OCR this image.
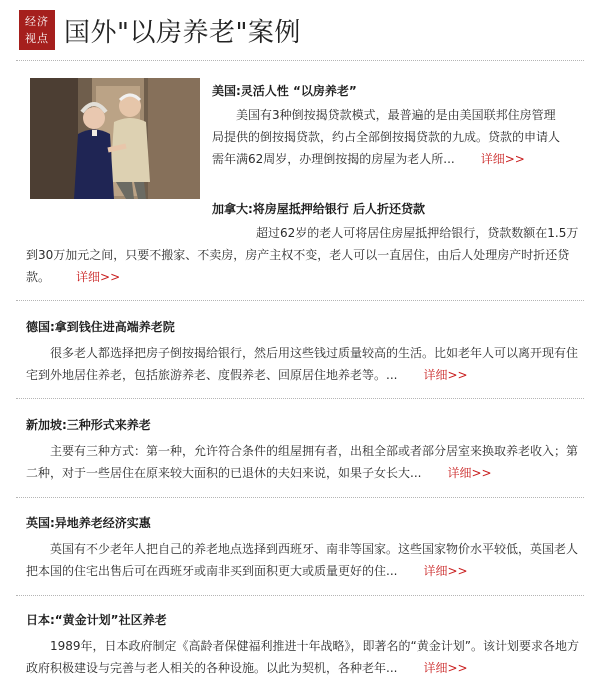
经济
视点 国外"以房养老"案例
美国:灵活人性 “以房养老”
美国有3种倒按揭贷款模式，最普遍的是由美国联邦住房管理局提供的倒按揭贷款，约占全部倒按揭贷款的九成。贷款的申请人需年满62周岁，办理倒按揭的房屋为老人所... 详细>>
加拿大:将房屋抵押给银行 后人折还贷款
超过62岁的老人可将居住房屋抵押给银行，贷款数额在1.5万到30万加元之间，只要不搬家、不卖房，房产主权不变，老人可以一直居住，由后人处理房产时折还贷款。 详细>>
德国:拿到钱住进高端养老院
很多老人都选择把房子倒按揭给银行，然后用这些钱过质量较高的生活。比如老年人可以离开现有住宅到外地居住养老，包括旅游养老、度假养老、回原居住地养老等。... 详细>>
新加坡:三种形式来养老
主要有三种方式：第一种，允许符合条件的组屋拥有者，出租全部或者部分居室来换取养老收入；第二种，对于一些居住在原来较大面积的已退休的夫妇来说，如果子女长大... 详细>>
英国:异地养老经济实惠
英国有不少老年人把自己的养老地点选择到西班牙、南非等国家。这些国家物价水平较低，英国老人把本国的住宅出售后可在西班牙或南非买到面积更大或质量更好的住... 详细>>
日本:“黄金计划”社区养老
1989年，日本政府制定《高龄者保健福利推进十年战略》，即著名的“黄金计划”。该计划要求各地方政府积极建设与完善与老人相关的各种设施。以此为契机，各种老年... 详细>>
